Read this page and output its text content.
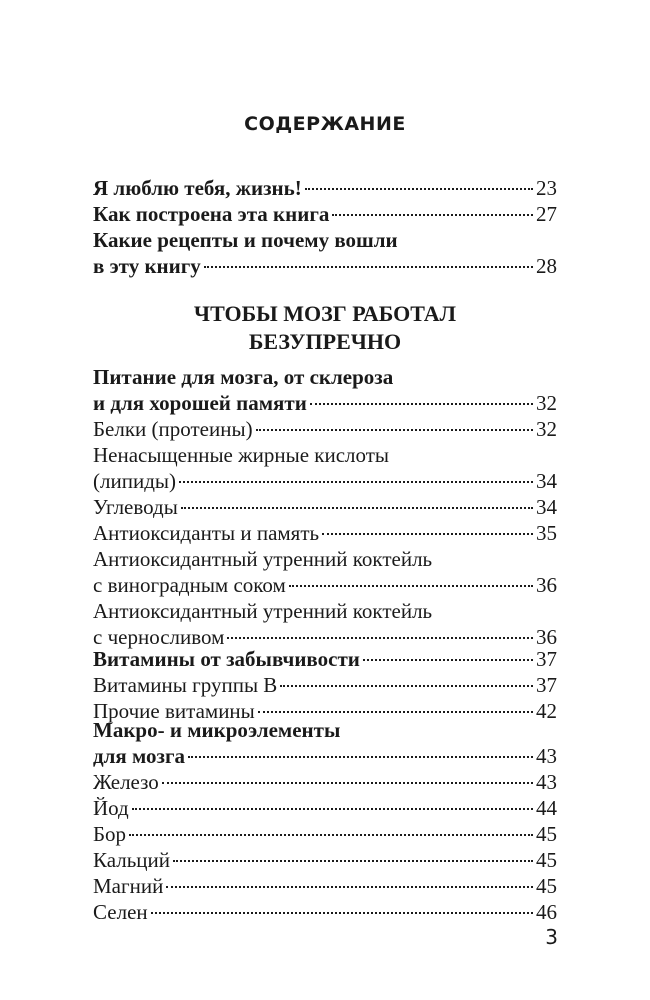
СОДЕРЖАНИЕ
Я люблю тебя, жизнь!	23
Как построена эта книга	27
Какие рецепты и почему вошли
в эту книгу	28
ЧТОБЫ МОЗГ РАБОТАЛ
БЕЗУПРЕЧНО
Питание для мозга, от склероза
и для хорошей памяти	32
Белки (протеины)	32
Ненасыщенные жирные кислоты
(липиды)	34
Углеводы	34
Антиоксиданты и память	35
Антиоксидантный утренний коктейль
с виноградным соком	36
Антиоксидантный утренний коктейль
с черносливом	36
Витамины от забывчивости	37
Витамины группы В	37
Прочие витамины	42
Макро- и микроэлементы
для мозга	43
Железо	43
Йод	44
Бор	45
Кальций	45
Магний	45
Селен	46
3
